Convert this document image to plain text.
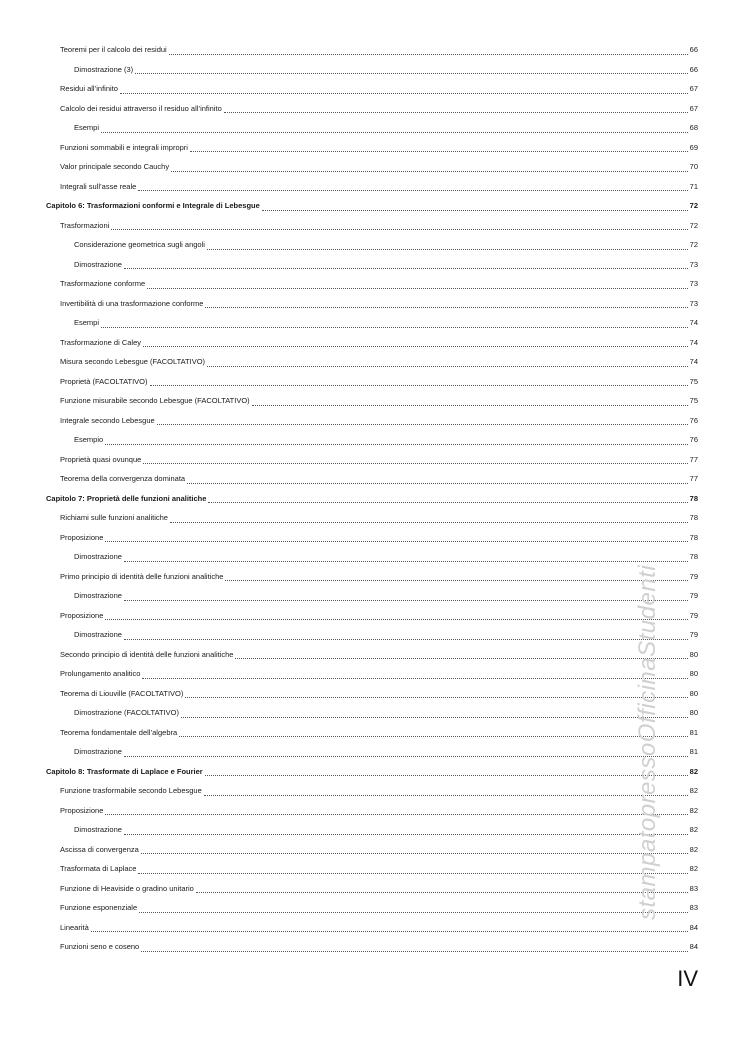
Teoremi per il calcolo dei residui	66
Dimostrazione (3)	66
Residui all’infinito	67
Calcolo dei residui attraverso il residuo all’infinito	67
Esempi	68
Funzioni sommabili e integrali impropri	69
Valor principale secondo Cauchy	70
Integrali sull’asse reale	71
Capitolo 6: Trasformazioni conformi e Integrale di Lebesgue	72
Trasformazioni	72
Considerazione geometrica sugli angoli	72
Dimostrazione	73
Trasformazione conforme	73
Invertibilità di una trasformazione conforme	73
Esempi	74
Trasformazione di Caley	74
Misura secondo Lebesgue (FACOLTATIVO)	74
Proprietà (FACOLTATIVO)	75
Funzione misurabile secondo Lebesgue (FACOLTATIVO)	75
Integrale secondo Lebesgue	76
Esempio	76
Proprietà quasi ovunque	77
Teorema della convergenza dominata	77
Capitolo 7: Proprietà delle funzioni analitiche	78
Richiami sulle funzioni analitiche	78
Proposizione	78
Dimostrazione	78
Primo principio di identità delle funzioni analitiche	79
Dimostrazione	79
Proposizione	79
Dimostrazione	79
Secondo principio di identità delle funzioni analitiche	80
Prolungamento analitico	80
Teorema di Liouville (FACOLTATIVO)	80
Dimostrazione (FACOLTATIVO)	80
Teorema fondamentale dell’algebra	81
Dimostrazione	81
Capitolo 8: Trasformate di Laplace e Fourier	82
Funzione trasformabile secondo Lebesgue	82
Proposizione	82
Dimostrazione	82
Ascissa di convergenza	82
Trasformata di Laplace	82
Funzione di Heaviside o gradino unitario	83
Funzione esponenziale	83
Linearità	84
Funzioni seno e coseno	84
stampatopressoOfficinaStudenti
IV
